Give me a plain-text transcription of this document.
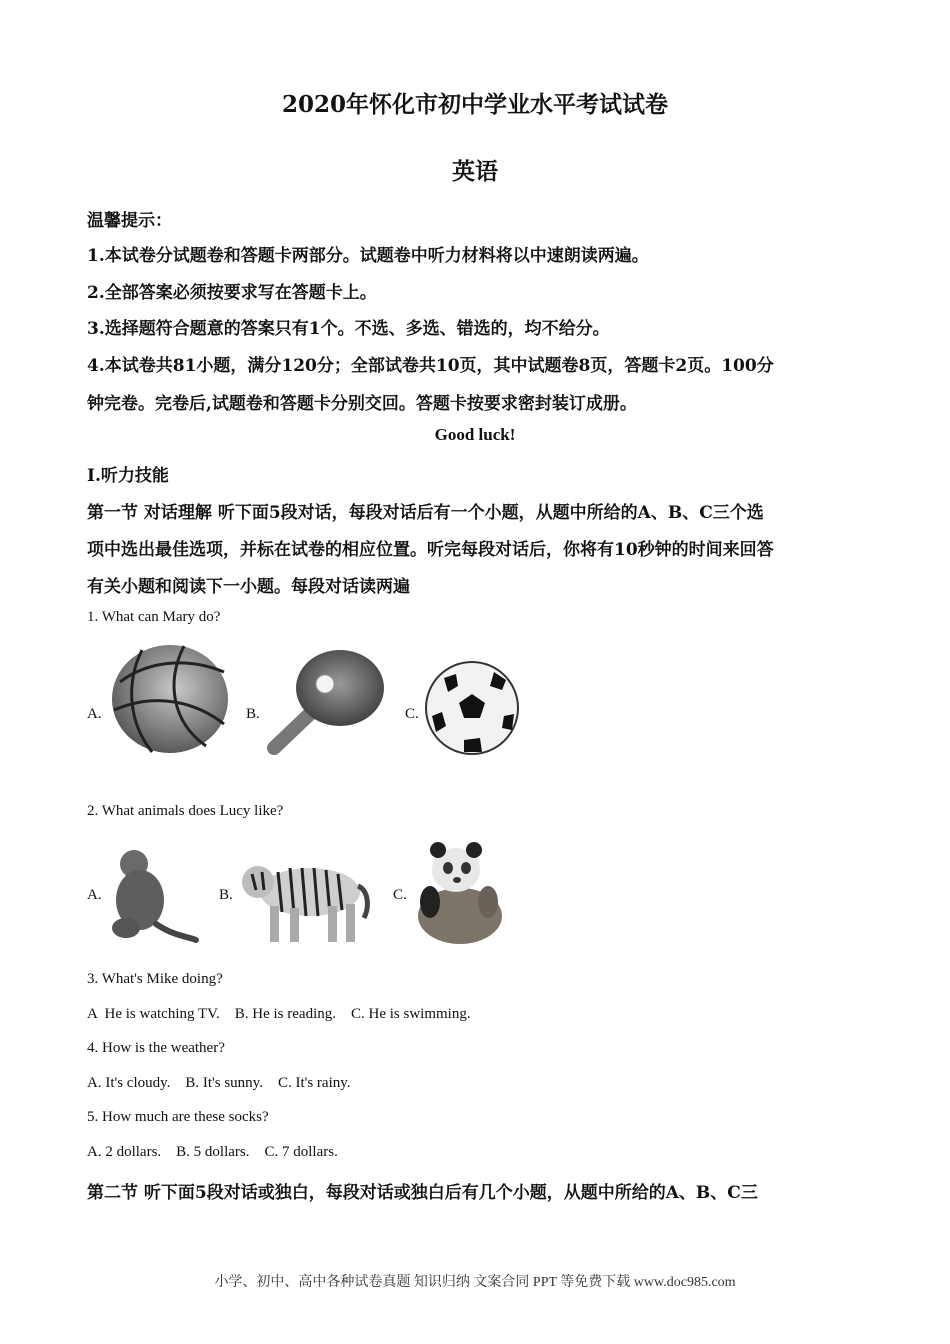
2020年怀化市初中学业水平考试试卷
英语
温馨提示：
1.本试卷分试题卷和答题卡两部分。试题卷中听力材料将以中速朗读两遍。
2.全部答案必须按要求写在答题卡上。
3.选择题符合题意的答案只有1个。不选、多选、错选的，均不给分。
4.本试卷共81小题，满分120分；全部试卷共10页，其中试题卷8页，答题卡2页。100分
钟完卷。完卷后,试题卷和答题卡分别交回。答题卡按要求密封装订成册。
Good luck!
I.听力技能
第一节 对话理解 听下面5段对话，每段对话后有一个小题，从题中所给的A、B、C三个选
项中选出最佳选项，并标在试卷的相应位置。听完每段对话后，你将有10秒钟的时间来回答
有关小题和阅读下一小题。每段对话读两遍
1. What can Mary do?
A.	B.	C.
2. What animals does Lucy like?
A.	B.	C.
3. What's Mike doing?
A  He is watching TV.    B. He is reading.    C. He is swimming.
4. How is the weather?
A. It's cloudy.    B. It's sunny.    C. It's rainy.
5. How much are these socks?
A. 2 dollars.    B. 5 dollars.    C. 7 dollars.
第二节 听下面5段对话或独白，每段对话或独白后有几个小题，从题中所给的A、B、C三
小学、初中、高中各种试卷真题 知识归纳 文案合同 PPT 等免费下载 www.doc985.com
